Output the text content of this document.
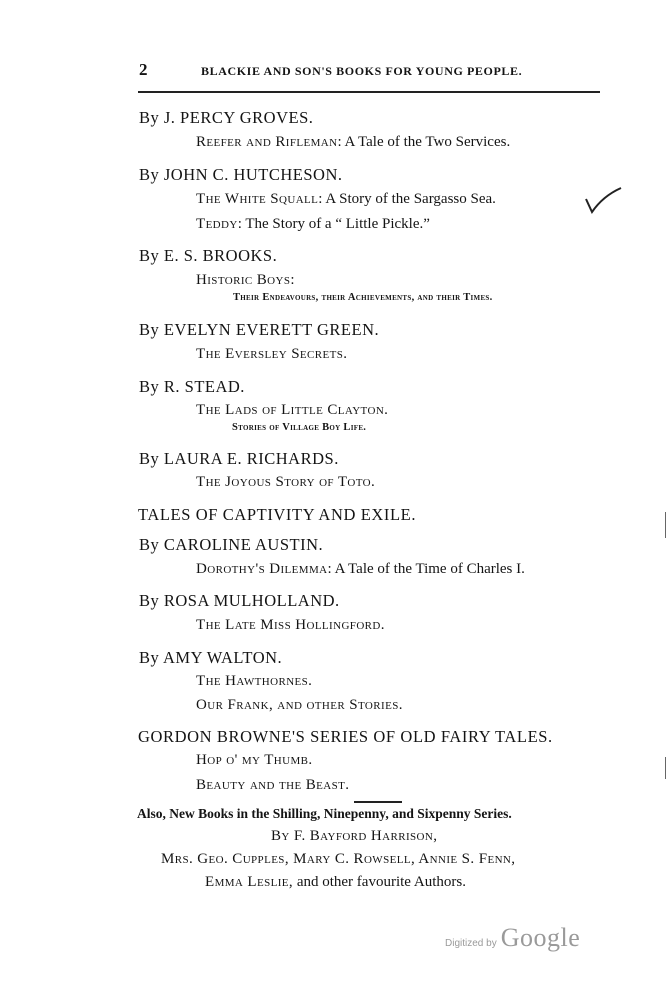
2	BLACKIE AND SON'S BOOKS FOR YOUNG PEOPLE.
By J. PERCY GROVES.
Reefer and Rifleman: A Tale of the Two Services.
By JOHN C. HUTCHESON.
The White Squall: A Story of the Sargasso Sea.
Teddy: The Story of a “ Little Pickle.”
By E. S. BROOKS.
Historic Boys:
Their Endeavours, their Achievements, and their Times.
By EVELYN EVERETT GREEN.
The Eversley Secrets.
By R. STEAD.
The Lads of Little Clayton.
Stories of Village Boy Life.
By LAURA E. RICHARDS.
The Joyous Story of Toto.
TALES OF CAPTIVITY AND EXILE.
By CAROLINE AUSTIN.
Dorothy's Dilemma: A Tale of the Time of Charles I.
By ROSA MULHOLLAND.
The Late Miss Hollingford.
By AMY WALTON.
The Hawthornes.
Our Frank, and other Stories.
GORDON BROWNE'S SERIES OF OLD FAIRY TALES.
Hop o' my Thumb.
Beauty and the Beast.
Also, New Books in the Shilling, Ninepenny, and Sixpenny Series.
By F. Bayford Harrison,
Mrs. Geo. Cupples, Mary C. Rowsell, Annie S. Fenn,
Emma Leslie, and other favourite Authors.
Digitized by Google
